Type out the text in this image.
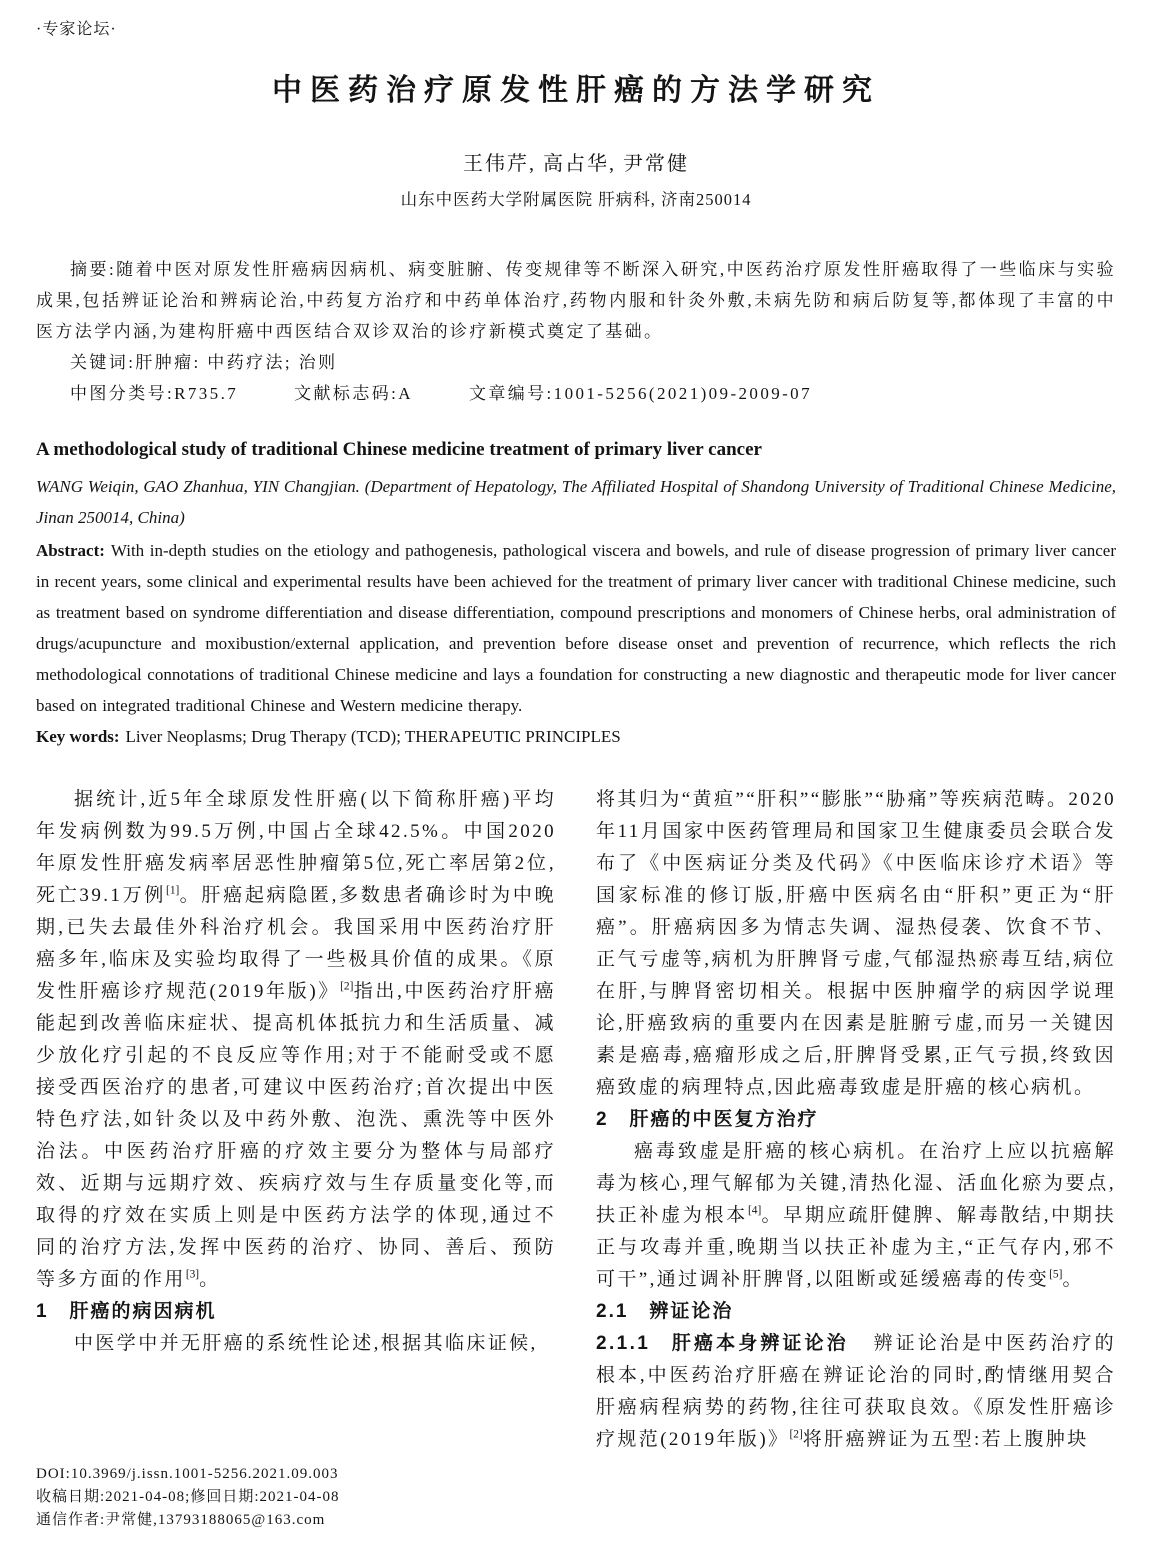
·专家论坛·
中医药治疗原发性肝癌的方法学研究
王伟芹, 高占华, 尹常健
山东中医药大学附属医院 肝病科, 济南250014

摘要:随着中医对原发性肝癌病因病机、病变脏腑、传变规律等不断深入研究,中医药治疗原发性肝癌取得了一些临床与实验成果,包括辨证论治和辨病论治,中药复方治疗和中药单体治疗,药物内服和针灸外敷,未病先防和病后防复等,都体现了丰富的中医方法学内涵,为建构肝癌中西医结合双诊双治的诊疗新模式奠定了基础。

关键词:肝肿瘤: 中药疗法; 治则

中图分类号:R735.7	文献标志码:A	文章编号:1001-5256(2021)09-2009-07

A methodological study of traditional Chinese medicine treatment of primary liver cancer

WANG Weiqin, GAO Zhanhua, YIN Changjian. (Department of Hepatology, The Affiliated Hospital of Shandong University of Traditional Chinese Medicine, Jinan 250014, China)

Abstract: With in-depth studies on the etiology and pathogenesis, pathological viscera and bowels, and rule of disease progression of primary liver cancer in recent years, some clinical and experimental results have been achieved for the treatment of primary liver cancer with traditional Chinese medicine, such as treatment based on syndrome differentiation and disease differentiation, compound prescriptions and monomers of Chinese herbs, oral administration of drugs/acupuncture and moxibustion/external application, and prevention before disease onset and prevention of recurrence, which reflects the rich methodological connotations of traditional Chinese medicine and lays a foundation for constructing a new diagnostic and therapeutic mode for liver cancer based on integrated traditional Chinese and Western medicine therapy.

Key words: Liver Neoplasms; Drug Therapy (TCD); THERAPEUTIC PRINCIPLES

据统计,近5年全球原发性肝癌(以下简称肝癌)平均年发病例数为99.5万例,中国占全球42.5%。中国2020年原发性肝癌发病率居恶性肿瘤第5位,死亡率居第2位,死亡39.1万例[1]。肝癌起病隐匿,多数患者确诊时为中晚期,已失去最佳外科治疗机会。我国采用中医药治疗肝癌多年,临床及实验均取得了一些极具价值的成果。《原发性肝癌诊疗规范(2019年版)》[2]指出,中医药治疗肝癌能起到改善临床症状、提高机体抵抗力和生活质量、减少放化疗引起的不良反应等作用;对于不能耐受或不愿接受西医治疗的患者,可建议中医药治疗;首次提出中医特色疗法,如针灸以及中药外敷、泡洗、熏洗等中医外治法。中医药治疗肝癌的疗效主要分为整体与局部疗效、近期与远期疗效、疾病疗效与生存质量变化等,而取得的疗效在实质上则是中医药方法学的体现,通过不同的治疗方法,发挥中医药的治疗、协同、善后、预防等多方面的作用[3]。

1 肝癌的病因病机

中医学中并无肝癌的系统性论述,根据其临床证候,

DOI:10.3969/j.issn.1001-5256.2021.09.003

收稿日期:2021-04-08;修回日期:2021-04-08

通信作者:尹常健,13793188065@163.com

将其归为“黄疸”“肝积”“膨胀”“胁痛”等疾病范畴。2020年11月国家中医药管理局和国家卫生健康委员会联合发布了《中医病证分类及代码》《中医临床诊疗术语》等国家标准的修订版,肝癌中医病名由“肝积”更正为“肝癌”。肝癌病因多为情志失调、湿热侵袭、饮食不节、正气亏虚等,病机为肝脾肾亏虚,气郁湿热瘀毒互结,病位在肝,与脾肾密切相关。根据中医肿瘤学的病因学说理论,肝癌致病的重要内在因素是脏腑亏虚,而另一关键因素是癌毒,癌瘤形成之后,肝脾肾受累,正气亏损,终致因癌致虚的病理特点,因此癌毒致虚是肝癌的核心病机。

2 肝癌的中医复方治疗

癌毒致虚是肝癌的核心病机。在治疗上应以抗癌解毒为核心,理气解郁为关键,清热化湿、活血化瘀为要点,扶正补虚为根本[4]。早期应疏肝健脾、解毒散结,中期扶正与攻毒并重,晚期当以扶正补虚为主,“正气存内,邪不可干”,通过调补肝脾肾,以阻断或延缓癌毒的传变[5]。

2.1 辨证论治

2.1.1 肝癌本身辨证论治 辨证论治是中医药治疗的根本,中医药治疗肝癌在辨证论治的同时,酌情继用契合肝癌病程病势的药物,往往可获取良效。《原发性肝癌诊疗规范(2019年版)》[2]将肝癌辨证为五型:若上腹肿块
